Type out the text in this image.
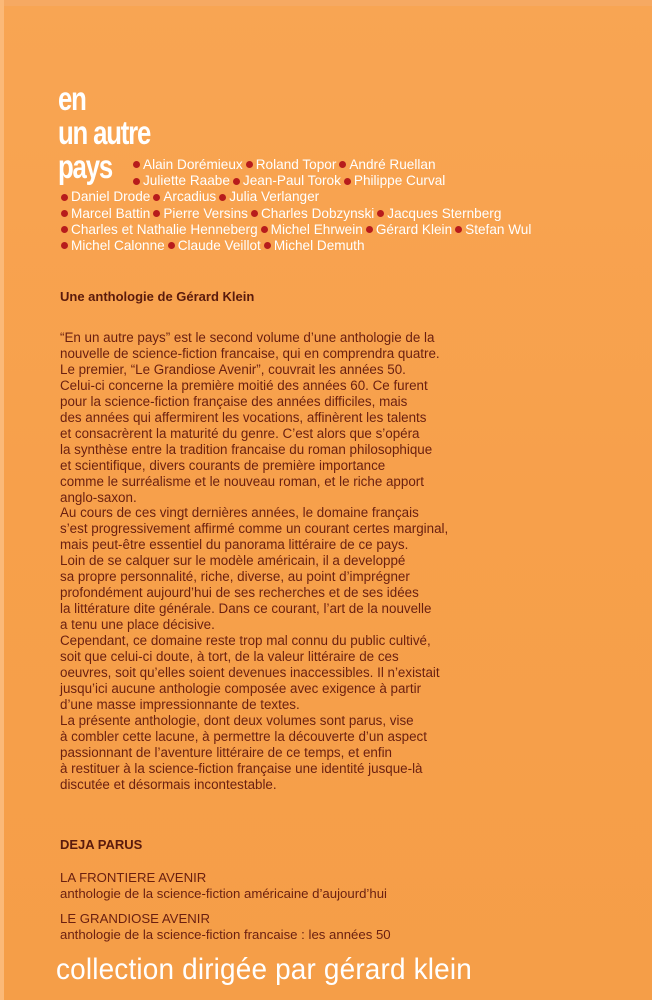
en
un autre
pays	Alain Dorémieux Roland Topor André Ruellan
Juliette Raabe Jean-Paul Torok Philippe Curval
Daniel Drode Arcadius Julia Verlanger
Marcel Battin Pierre Versins Charles Dobzynski Jacques Sternberg
Charles et Nathalie Henneberg Michel Ehrwein Gérard Klein Stefan Wul
Michel Calonne Claude Veillot Michel Demuth
Une anthologie de Gérard Klein
“En un autre pays” est le second volume d’une anthologie de la
nouvelle de science-fiction francaise, qui en comprendra quatre.
Le premier, “Le Grandiose Avenir”, couvrait les années 50.
Celui-ci concerne la première moitié des années 60. Ce furent
pour la science-fiction française des années difficiles, mais
des années qui affermirent les vocations, affinèrent les talents
et consacrèrent la maturité du genre. C’est alors que s’opéra
la synthèse entre la tradition francaise du roman philosophique
et scientifique, divers courants de première importance
comme le surréalisme et le nouveau roman, et le riche apport
anglo-saxon.
Au cours de ces vingt dernières années, le domaine français
s’est progressivement affirmé comme un courant certes marginal,
mais peut-être essentiel du panorama littéraire de ce pays.
Loin de se calquer sur le modèle américain, il a developpé
sa propre personnalité, riche, diverse, au point d’imprégner
profondément aujourd’hui de ses recherches et de ses idées
la littérature dite générale. Dans ce courant, l’art de la nouvelle
a tenu une place décisive.
Cependant, ce domaine reste trop mal connu du public cultivé,
soit que celui-ci doute, à tort, de la valeur littéraire de ces
oeuvres, soit qu’elles soient devenues inaccessibles. Il n’existait
jusqu’ici aucune anthologie composée avec exigence à partir
d’une masse impressionnante de textes.
La présente anthologie, dont deux volumes sont parus, vise
à combler cette lacune, à permettre la découverte d’un aspect
passionnant de l’aventure littéraire de ce temps, et enfin
à restituer à la science-fiction française une identité jusque-là
discutée et désormais incontestable.
DEJA PARUS
LA FRONTIERE AVENIR
anthologie de la science-fiction américaine d’aujourd’hui
LE GRANDIOSE AVENIR
anthologie de la science-fiction francaise : les années 50
collection dirigée par gérard klein
